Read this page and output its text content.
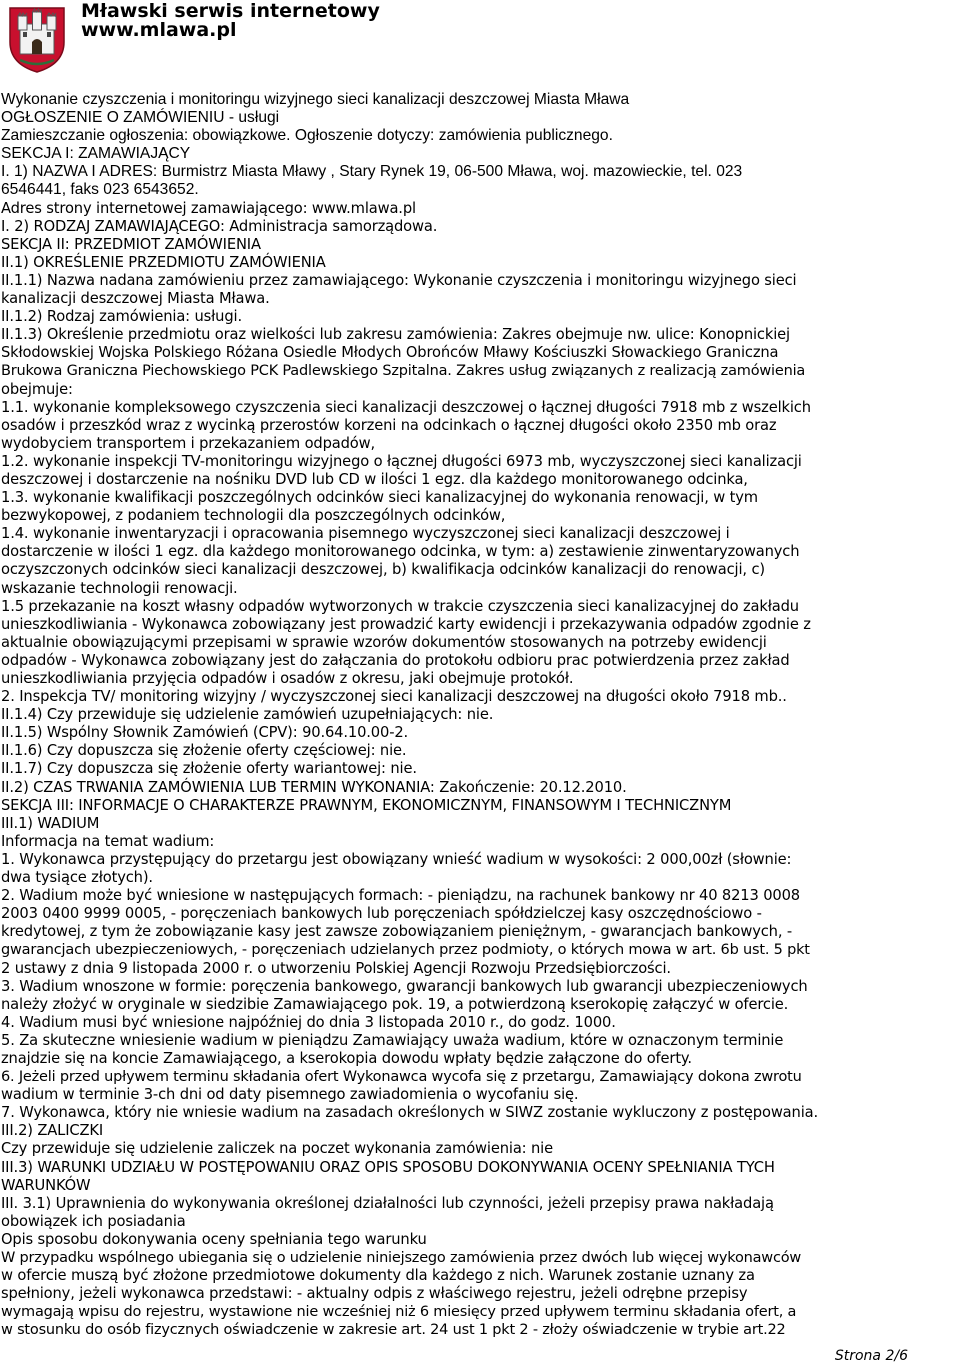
Mławski serwis internetowy
www.mlawa.pl
Wykonanie czyszczenia i monitoringu wizyjnego sieci kanalizacji deszczowej Miasta Mława
OGŁOSZENIE O ZAMÓWIENIU - usługi
Zamieszczanie ogłoszenia: obowiązkowe. Ogłoszenie dotyczy: zamówienia publicznego.
SEKCJA I: ZAMAWIAJĄCY
I. 1) NAZWA I ADRES: Burmistrz Miasta Mławy , Stary Rynek 19, 06-500 Mława, woj. mazowieckie, tel. 023
6546441, faks 023 6543652.
Adres strony internetowej zamawiającego: www.mlawa.pl
I. 2) RODZAJ ZAMAWIAJĄCEGO: Administracja samorządowa.
SEKCJA II: PRZEDMIOT ZAMÓWIENIA
II.1) OKREŚLENIE PRZEDMIOTU ZAMÓWIENIA
II.1.1) Nazwa nadana zamówieniu przez zamawiającego: Wykonanie czyszczenia i monitoringu wizyjnego sieci
kanalizacji deszczowej Miasta Mława.
II.1.2) Rodzaj zamówienia: usługi.
II.1.3) Określenie przedmiotu oraz wielkości lub zakresu zamówienia: Zakres obejmuje nw. ulice: Konopnickiej
Skłodowskiej Wojska Polskiego Różana Osiedle Młodych Obrońców Mławy Kościuszki Słowackiego Graniczna
Brukowa Graniczna Piechowskiego PCK Padlewskiego Szpitalna. Zakres usług związanych z realizacją zamówienia
obejmuje:
1.1. wykonanie kompleksowego czyszczenia sieci kanalizacji deszczowej o łącznej długości 7918 mb z wszelkich
osadów i przeszkód wraz z wycinką przerostów korzeni na odcinkach o łącznej długości około 2350 mb oraz
wydobyciem transportem i przekazaniem odpadów,
1.2. wykonanie inspekcji TV-monitoringu wizyjnego o łącznej długości 6973 mb, wyczyszczonej sieci kanalizacji
deszczowej i dostarczenie na nośniku DVD lub CD w ilości 1 egz. dla każdego monitorowanego odcinka,
1.3. wykonanie kwalifikacji poszczególnych odcinków sieci kanalizacyjnej do wykonania renowacji, w tym
bezwykopowej, z podaniem technologii dla poszczególnych odcinków,
1.4. wykonanie inwentaryzacji i opracowania pisemnego wyczyszczonej sieci kanalizacji deszczowej i
dostarczenie w ilości 1 egz. dla każdego monitorowanego odcinka, w tym: a) zestawienie zinwentaryzowanych
oczyszczonych odcinków sieci kanalizacji deszczowej, b) kwalifikacja odcinków kanalizacji do renowacji, c)
wskazanie technologii renowacji.
1.5 przekazanie na koszt własny odpadów wytworzonych w trakcie czyszczenia sieci kanalizacyjnej do zakładu
unieszkodliwiania - Wykonawca zobowiązany jest prowadzić karty ewidencji i przekazywania odpadów zgodnie z
aktualnie obowiązującymi przepisami w sprawie wzorów dokumentów stosowanych na potrzeby ewidencji
odpadów - Wykonawca zobowiązany jest do załączania do protokołu odbioru prac potwierdzenia przez zakład
unieszkodliwiania przyjęcia odpadów i osadów z okresu, jaki obejmuje protokół.
2. Inspekcja TV/ monitoring wizyjny / wyczyszczonej sieci kanalizacji deszczowej na długości około 7918 mb..
II.1.4) Czy przewiduje się udzielenie zamówień uzupełniających: nie.
II.1.5) Wspólny Słownik Zamówień (CPV): 90.64.10.00-2.
II.1.6) Czy dopuszcza się złożenie oferty częściowej: nie.
II.1.7) Czy dopuszcza się złożenie oferty wariantowej: nie.
II.2) CZAS TRWANIA ZAMÓWIENIA LUB TERMIN WYKONANIA: Zakończenie: 20.12.2010.
SEKCJA III: INFORMACJE O CHARAKTERZE PRAWNYM, EKONOMICZNYM, FINANSOWYM I TECHNICZNYM
III.1) WADIUM
Informacja na temat wadium:
1. Wykonawca przystępujący do przetargu jest obowiązany wnieść wadium w wysokości: 2 000,00zł (słownie:
dwa tysiące złotych).
2. Wadium może być wniesione w następujących formach: - pieniądzu, na rachunek bankowy nr 40 8213 0008
2003 0400 9999 0005, - poręczeniach bankowych lub poręczeniach spółdzielczej kasy oszczędnościowo -
kredytowej, z tym że zobowiązanie kasy jest zawsze zobowiązaniem pieniężnym, - gwarancjach bankowych, -
gwarancjach ubezpieczeniowych, - poręczeniach udzielanych przez podmioty, o których mowa w art. 6b ust. 5 pkt
2 ustawy z dnia 9 listopada 2000 r. o utworzeniu Polskiej Agencji Rozwoju Przedsiębiorczości.
3. Wadium wnoszone w formie: poręczenia bankowego, gwarancji bankowych lub gwarancji ubezpieczeniowych
należy złożyć w oryginale w siedzibie Zamawiającego pok. 19, a potwierdzoną kserokopię załączyć w ofercie.
4. Wadium musi być wniesione najpóźniej do dnia 3 listopada 2010 r., do godz. 1000.
5. Za skuteczne wniesienie wadium w pieniądzu Zamawiający uważa wadium, które w oznaczonym terminie
znajdzie się na koncie Zamawiającego, a kserokopia dowodu wpłaty będzie załączone do oferty.
6. Jeżeli przed upływem terminu składania ofert Wykonawca wycofa się z przetargu, Zamawiający dokona zwrotu
wadium w terminie 3-ch dni od daty pisemnego zawiadomienia o wycofaniu się.
7. Wykonawca, który nie wniesie wadium na zasadach określonych w SIWZ zostanie wykluczony z postępowania.
III.2) ZALICZKI
Czy przewiduje się udzielenie zaliczek na poczet wykonania zamówienia: nie
III.3) WARUNKI UDZIAŁU W POSTĘPOWANIU ORAZ OPIS SPOSOBU DOKONYWANIA OCENY SPEŁNIANIA TYCH
WARUNKÓW
III. 3.1) Uprawnienia do wykonywania określonej działalności lub czynności, jeżeli przepisy prawa nakładają
obowiązek ich posiadania
Opis sposobu dokonywania oceny spełniania tego warunku
W przypadku wspólnego ubiegania się o udzielenie niniejszego zamówienia przez dwóch lub więcej wykonawców
w ofercie muszą być złożone przedmiotowe dokumenty dla każdego z nich. Warunek zostanie uznany za
spełniony, jeżeli wykonawca przedstawi: - aktualny odpis z właściwego rejestru, jeżeli odrębne przepisy
wymagają wpisu do rejestru, wystawione nie wcześniej niż 6 miesięcy przed upływem terminu składania ofert, a
w stosunku do osób fizycznych oświadczenie w zakresie art. 24 ust 1 pkt 2 - złoży oświadczenie w trybie art.22
Strona 2/6
